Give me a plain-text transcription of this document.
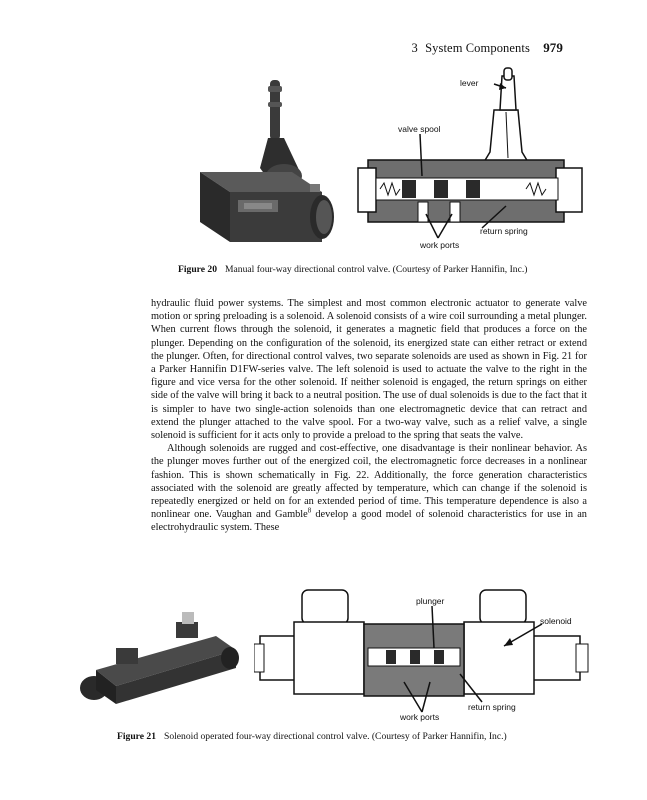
3 System Components 979
lever
valve spool
return spring
work ports
Figure 20 Manual four-way directional control valve. (Courtesy of Parker Hannifin, Inc.)

hydraulic fluid power systems. The simplest and most common electronic actuator to generate valve motion or spring preloading is a solenoid. A solenoid consists of a wire coil surrounding a metal plunger. When current flows through the solenoid, it generates a magnetic field that produces a force on the plunger. Depending on the configuration of the solenoid, its energized state can either retract or extend the plunger. Often, for directional control valves, two separate solenoids are used as shown in Fig. 21 for a Parker Hannifin D1FW-series valve. The left solenoid is used to actuate the valve to the right in the figure and vice versa for the other solenoid. If neither solenoid is engaged, the return springs on either side of the valve will bring it back to a neutral position. The use of dual solenoids is due to the fact that it is simpler to have two single-action solenoids than one electromagnetic device that can retract and extend the plunger attached to the valve spool. For a two-way valve, such as a relief valve, a single solenoid is sufficient for it acts only to provide a preload to the spring that seats the valve.

Although solenoids are rugged and cost-effective, one disadvantage is their nonlinear behavior. As the plunger moves further out of the energized coil, the electromagnetic force decreases in a nonlinear fashion. This is shown schematically in Fig. 22. Additionally, the force generation characteristics associated with the solenoid are greatly affected by temperature, which can change if the solenoid is repeatedly energized or held on for an extended period of time. This temperature dependence is also a nonlinear one. Vaughan and Gamble$^8$ develop a good model of solenoid characteristics for use in an electrohydraulic system. These

plunger
solenoid
return spring
work ports
Figure 21 Solenoid operated four-way directional control valve. (Courtesy of Parker Hannifin, Inc.)
